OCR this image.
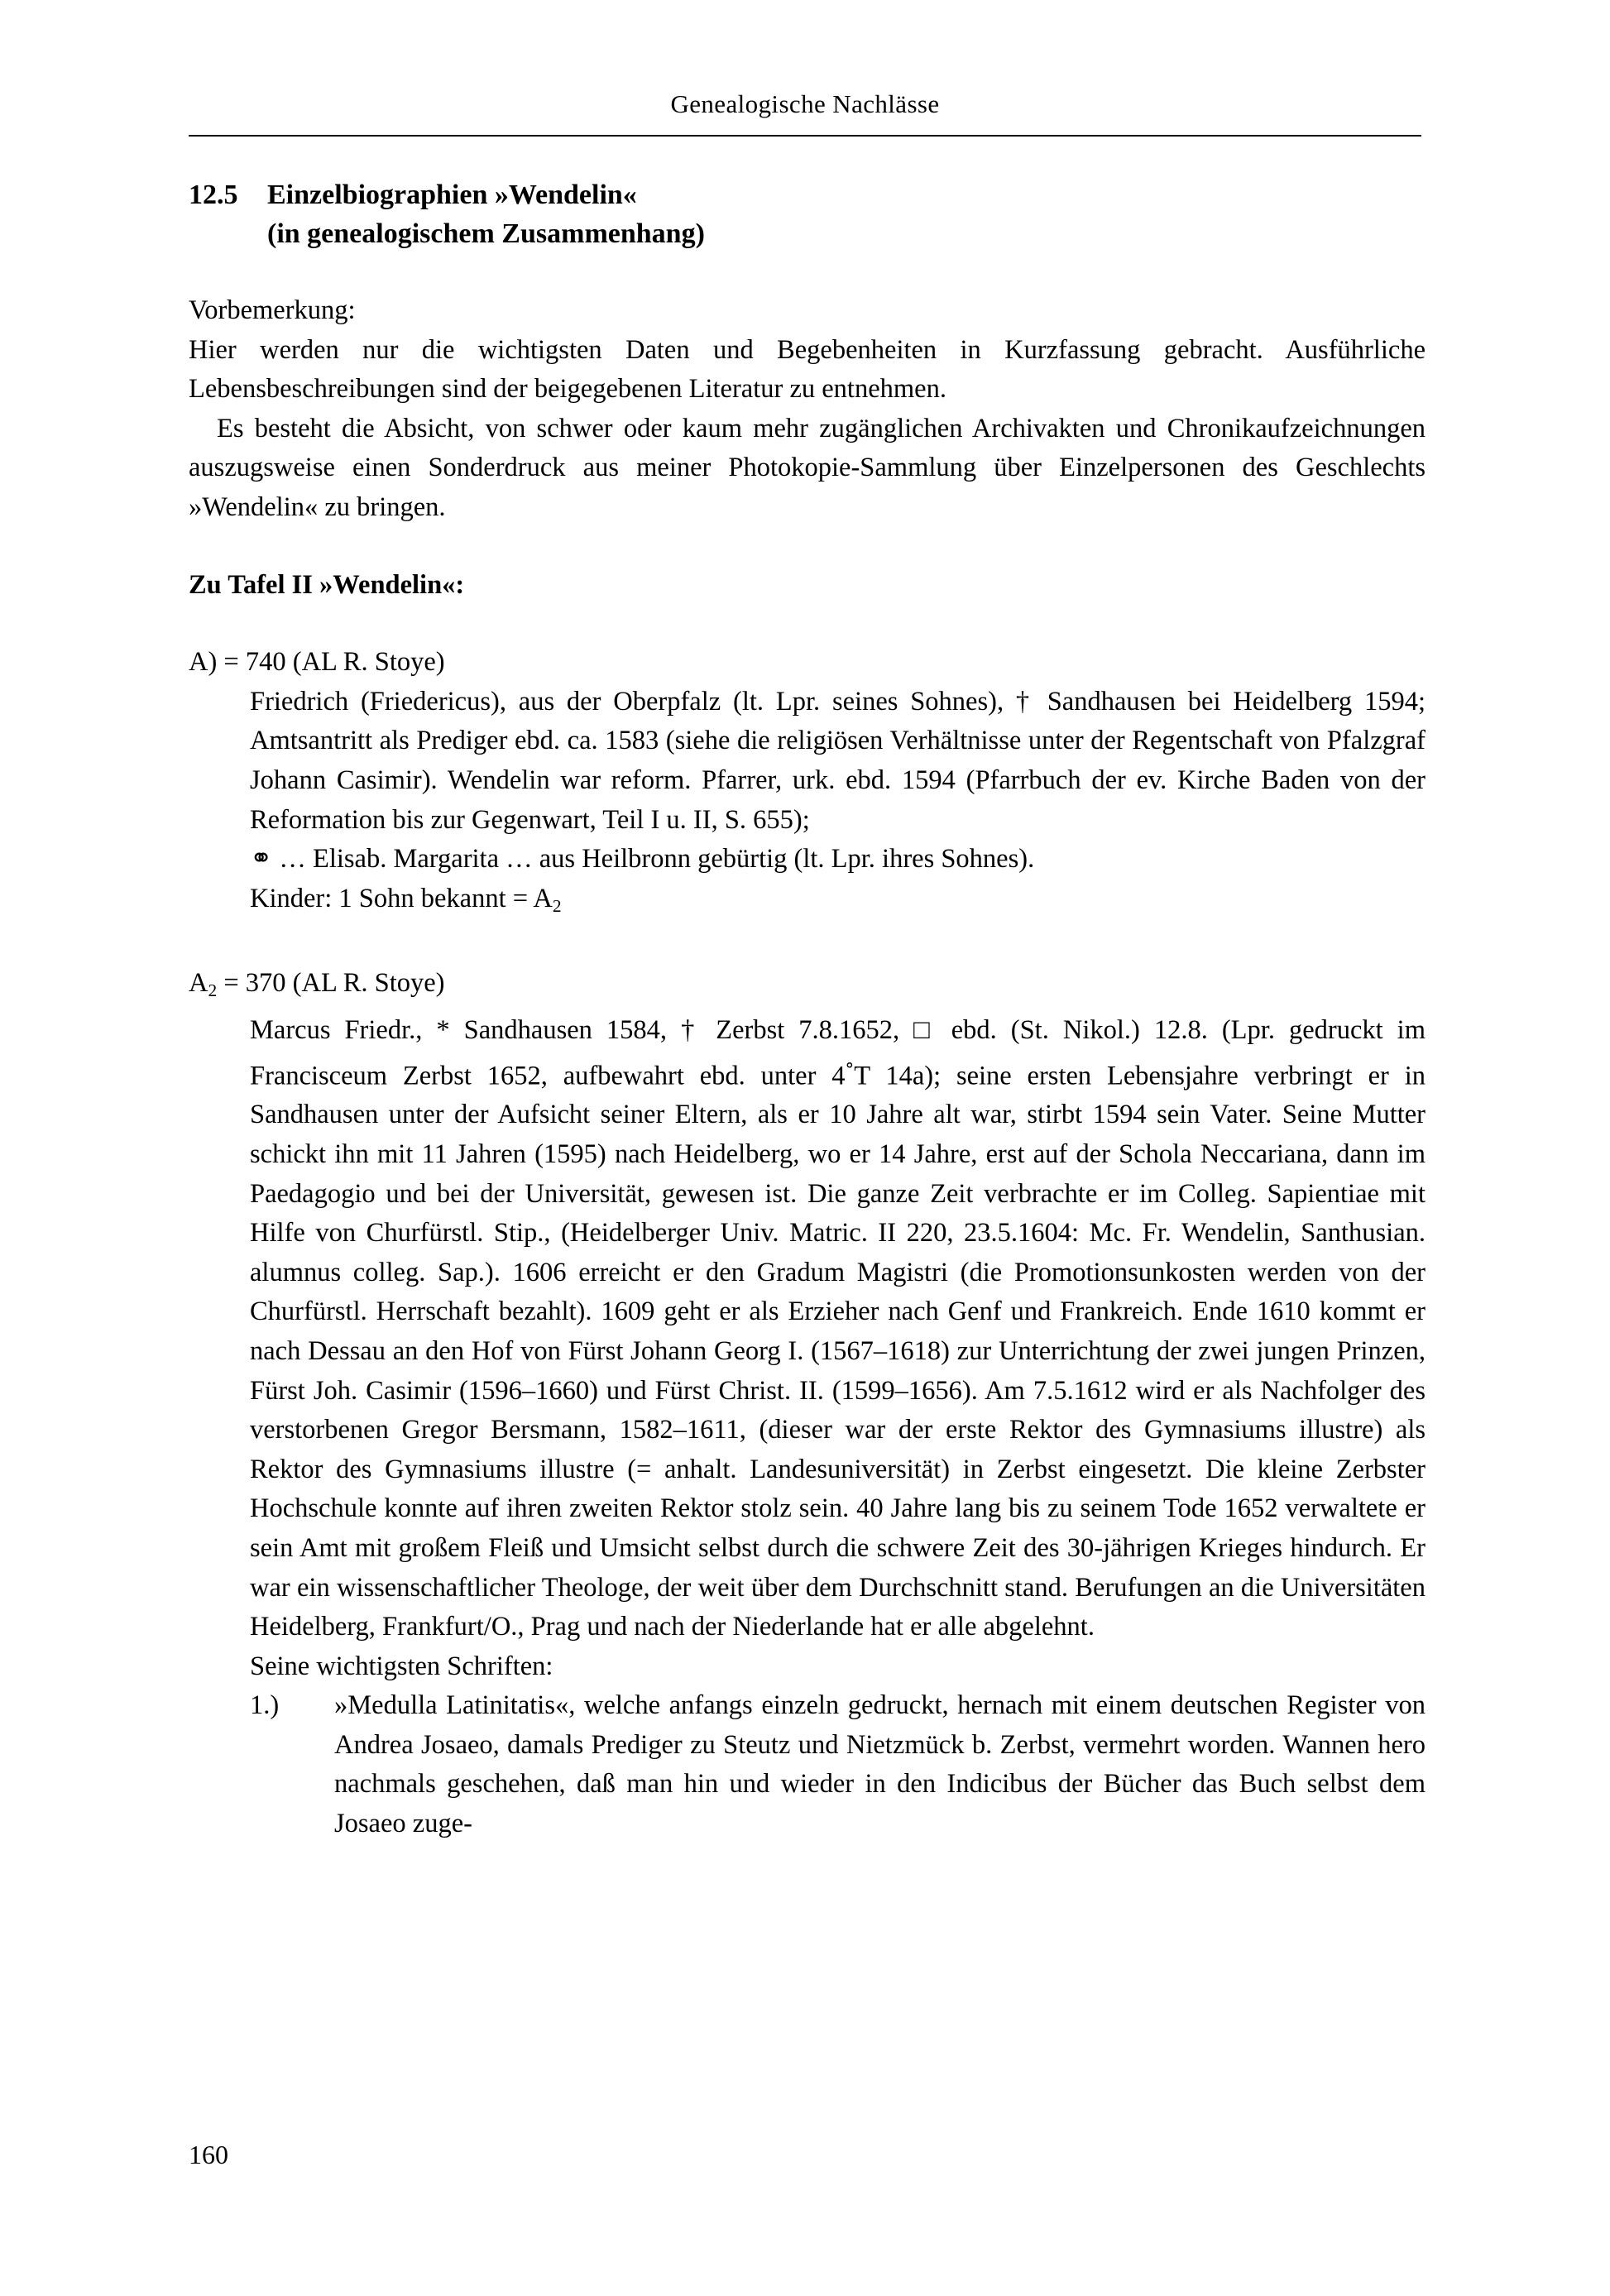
Genealogische Nachlässe
12.5 Einzelbiographien »Wendelin«
(in genealogischem Zusammenhang)

Vorbemerkung:

Hier werden nur die wichtigsten Daten und Begebenheiten in Kurzfassung gebracht. Ausführliche Lebensbeschreibungen sind der beigegebenen Literatur zu entnehmen.

Es besteht die Absicht, von schwer oder kaum mehr zugänglichen Archivakten und Chronikaufzeichnungen auszugsweise einen Sonderdruck aus meiner Photokopie-Sammlung über Einzelpersonen des Geschlechts »Wendelin« zu bringen.

Zu Tafel II »Wendelin«:

A) = 740 (AL R. Stoye)

Friedrich (Friedericus), aus der Oberpfalz (lt. Lpr. seines Sohnes), † Sandhausen bei Heidelberg 1594; Amtsantritt als Prediger ebd. ca. 1583 (siehe die religiösen Verhältnisse unter der Regentschaft von Pfalzgraf Johann Casimir). Wendelin war reform. Pfarrer, urk. ebd. 1594 (Pfarrbuch der ev. Kirche Baden von der Reformation bis zur Gegenwart, Teil I u. II, S. 655);

⚭ … Elisab. Margarita … aus Heilbronn gebürtig (lt. Lpr. ihres Sohnes).

Kinder: 1 Sohn bekannt = $A_2$

$A_2 = 370$ (AL R. Stoye)

Marcus Friedr., * Sandhausen 1584, † Zerbst 7.8.1652, □ ebd. (St. Nikol.) 12.8. (Lpr. gedruckt im Francisceum Zerbst 1652, aufbewahrt ebd. unter 4°T 14a); seine ersten Lebensjahre verbringt er in Sandhausen unter der Aufsicht seiner Eltern, als er 10 Jahre alt war, stirbt 1594 sein Vater. Seine Mutter schickt ihn mit 11 Jahren (1595) nach Heidelberg, wo er 14 Jahre, erst auf der Schola Neccariana, dann im Paedagogio und bei der Universität, gewesen ist. Die ganze Zeit verbrachte er im Colleg. Sapientiae mit Hilfe von Churfürstl. Stip., (Heidelberger Univ. Matric. II 220, 23.5.1604: Mc. Fr. Wendelin, Santhusian. alumnus colleg. Sap.). 1606 erreicht er den Gradum Magistri (die Promotionsunkosten werden von der Churfürstl. Herrschaft bezahlt). 1609 geht er als Erzieher nach Genf und Frankreich. Ende 1610 kommt er nach Dessau an den Hof von Fürst Johann Georg I. (1567–1618) zur Unterrichtung der zwei jungen Prinzen, Fürst Joh. Casimir (1596–1660) und Fürst Christ. II. (1599–1656). Am 7.5.1612 wird er als Nachfolger des verstorbenen Gregor Bersmann, 1582–1611, (dieser war der erste Rektor des Gymnasiums illustre) als Rektor des Gymnasiums illustre (= anhalt. Landesuniversität) in Zerbst eingesetzt. Die kleine Zerbster Hochschule konnte auf ihren zweiten Rektor stolz sein. 40 Jahre lang bis zu seinem Tode 1652 verwaltete er sein Amt mit großem Fleiß und Umsicht selbst durch die schwere Zeit des 30-jährigen Krieges hindurch. Er war ein wissenschaftlicher Theologe, der weit über dem Durchschnitt stand. Berufungen an die Universitäten Heidelberg, Frankfurt/O., Prag und nach der Niederlande hat er alle abgelehnt.

Seine wichtigsten Schriften:

1.)	»Medulla Latinitatis«, welche anfangs einzeln gedruckt, hernach mit einem deutschen Register von Andrea Josaeo, damals Prediger zu Steutz und Nietzmück b. Zerbst, vermehrt worden. Wannen hero nachmals geschehen, daß man hin und wieder in den Indicibus der Bücher das Buch selbst dem Josaeo zuge-
160
